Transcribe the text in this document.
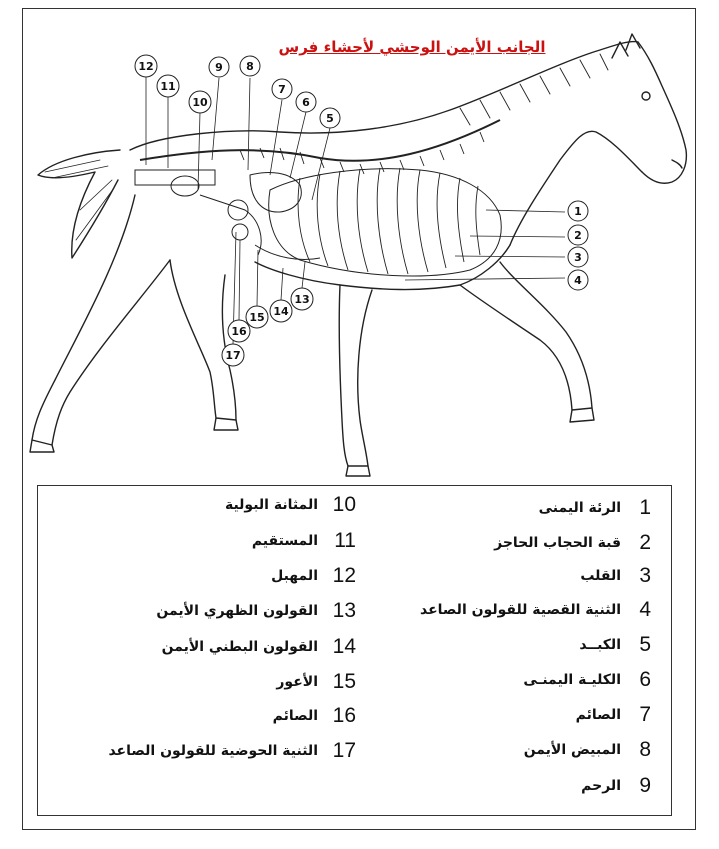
1
2
3
4
5
6
7
8
9
10
11
12
13
14
15
16
17
الجانب الأيمن الوحشي لأحشاء فرس
1
الرئة اليمنى
2
قبة الحجاب الحاجز
3
القلب
4
الثنية القصية للقولون الصاعد
5
الكبــد
6
الكليـة اليمنـى
7
الصائم
8
المبيض الأيمن
9
الرحم
10
المثانة البولية
11
المستقيم
12
المهبل
13
القولون الظهري الأيمن
14
القولون البطني الأيمن
15
الأعور
16
الصائم
17
الثنية الحوضية للقولون الصاعد
